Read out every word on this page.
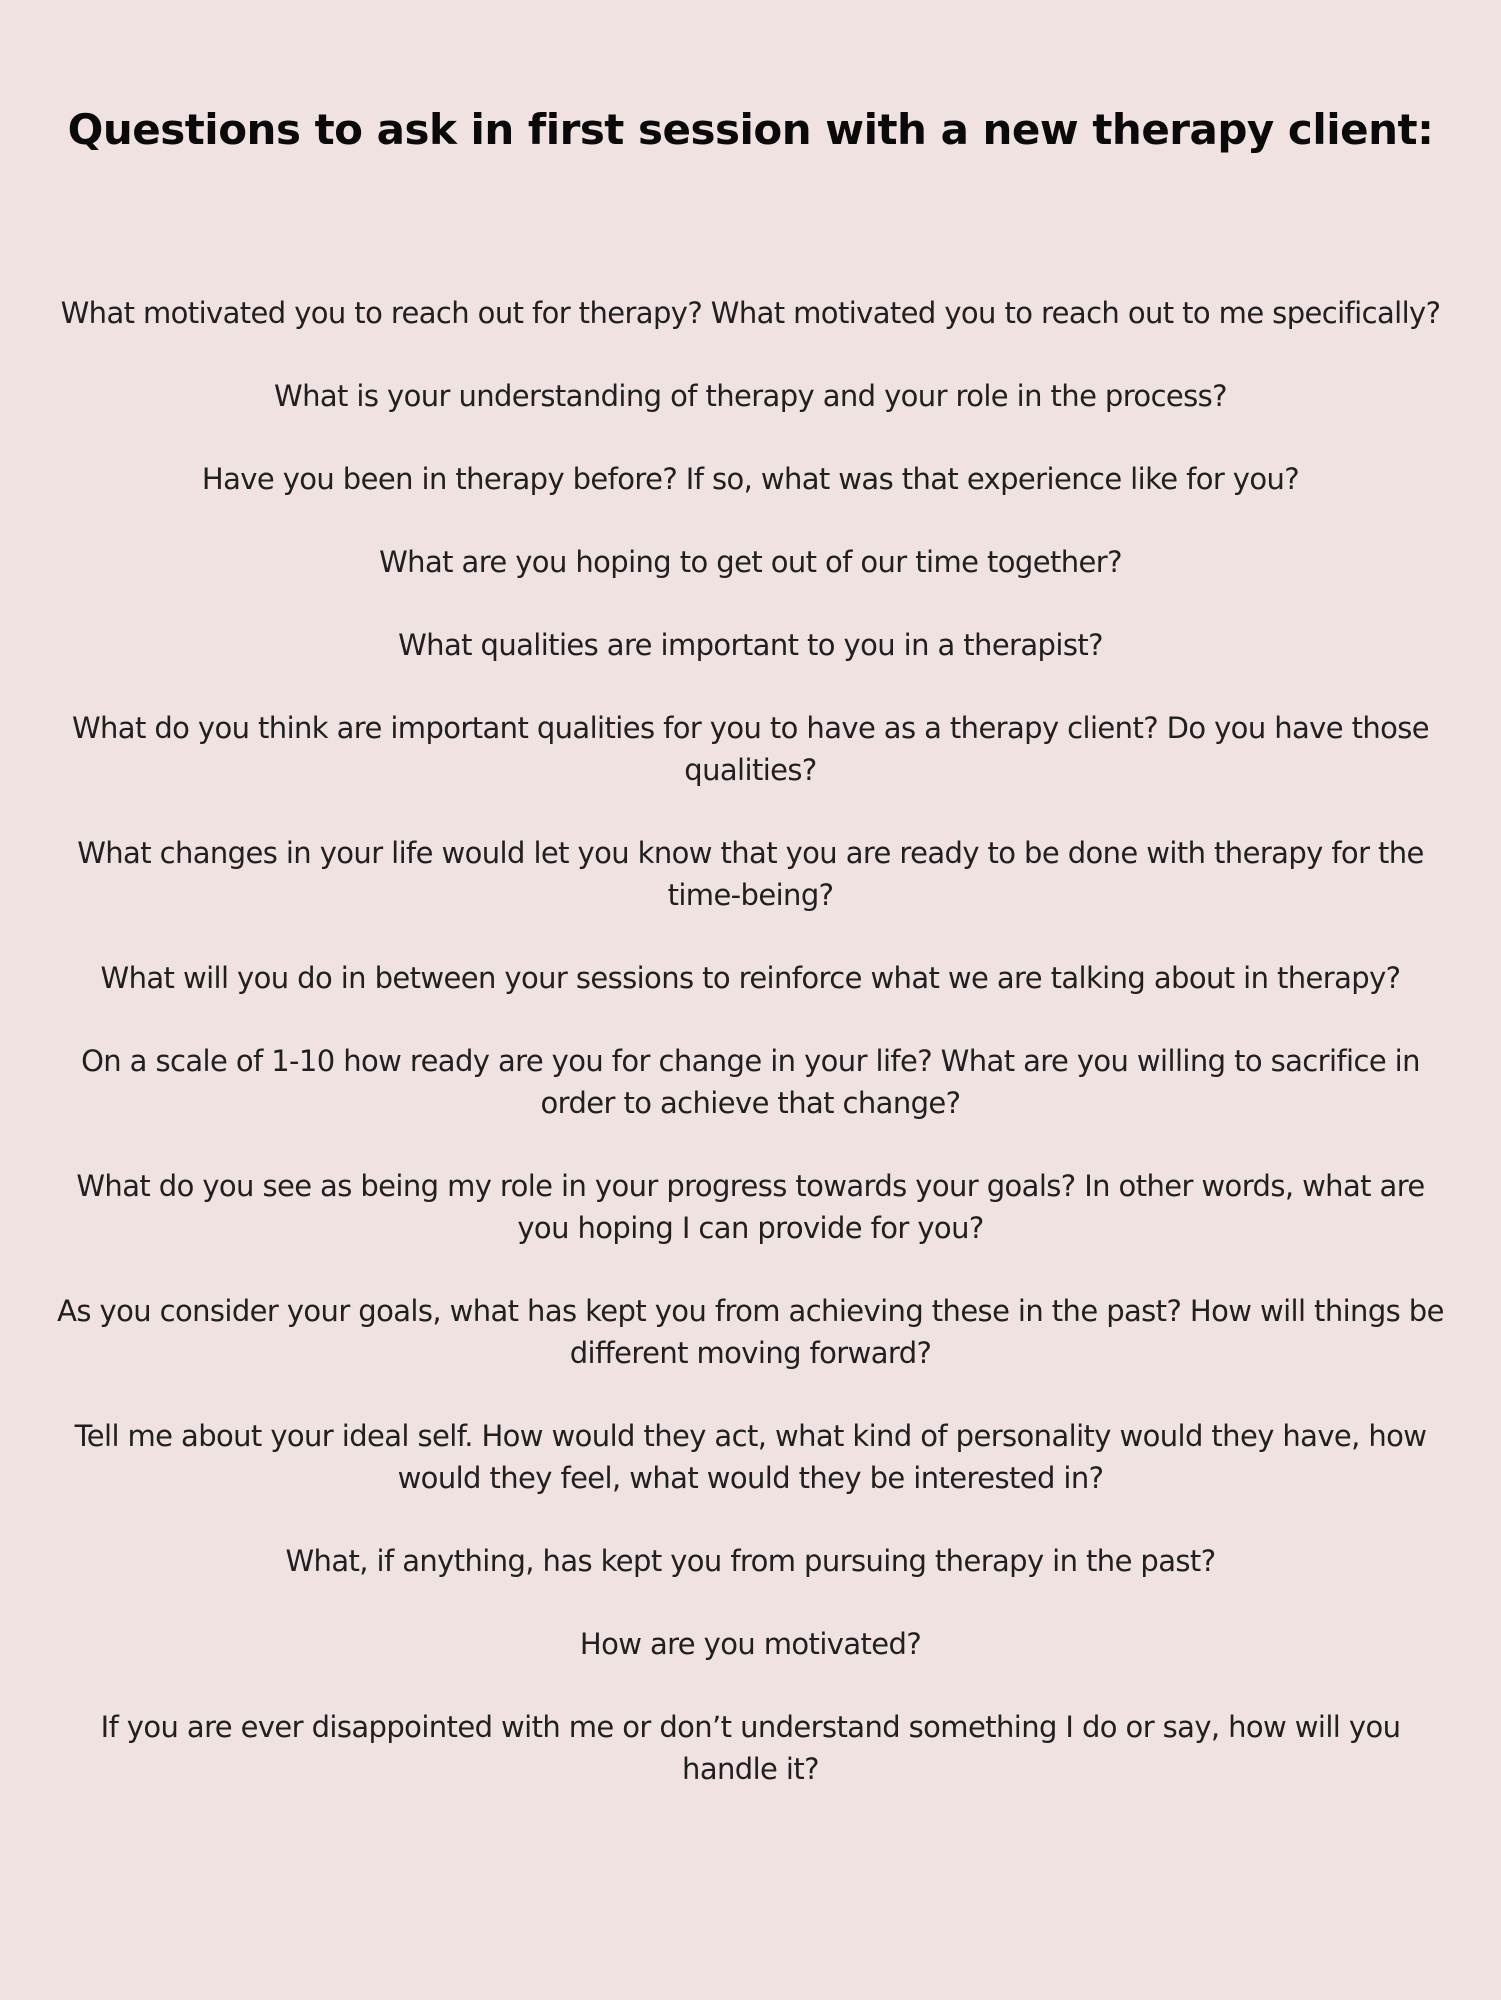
Questions to ask in first session with a new therapy client:
What motivated you to reach out for therapy? What motivated you to reach out to me specifically?
What is your understanding of therapy and your role in the process?
Have you been in therapy before? If so, what was that experience like for you?
What are you hoping to get out of our time together?
What qualities are important to you in a therapist?
What do you think are important qualities for you to have as a therapy client? Do you have those qualities?
What changes in your life would let you know that you are ready to be done with therapy for the time-being?
What will you do in between your sessions to reinforce what we are talking about in therapy?
On a scale of 1-10 how ready are you for change in your life? What are you willing to sacrifice in order to achieve that change?
What do you see as being my role in your progress towards your goals? In other words, what are you hoping I can provide for you?
As you consider your goals, what has kept you from achieving these in the past? How will things be different moving forward?
Tell me about your ideal self. How would they act, what kind of personality would they have, how would they feel, what would they be interested in?
What, if anything, has kept you from pursuing therapy in the past?
How are you motivated?
If you are ever disappointed with me or don’t understand something I do or say, how will you handle it?
